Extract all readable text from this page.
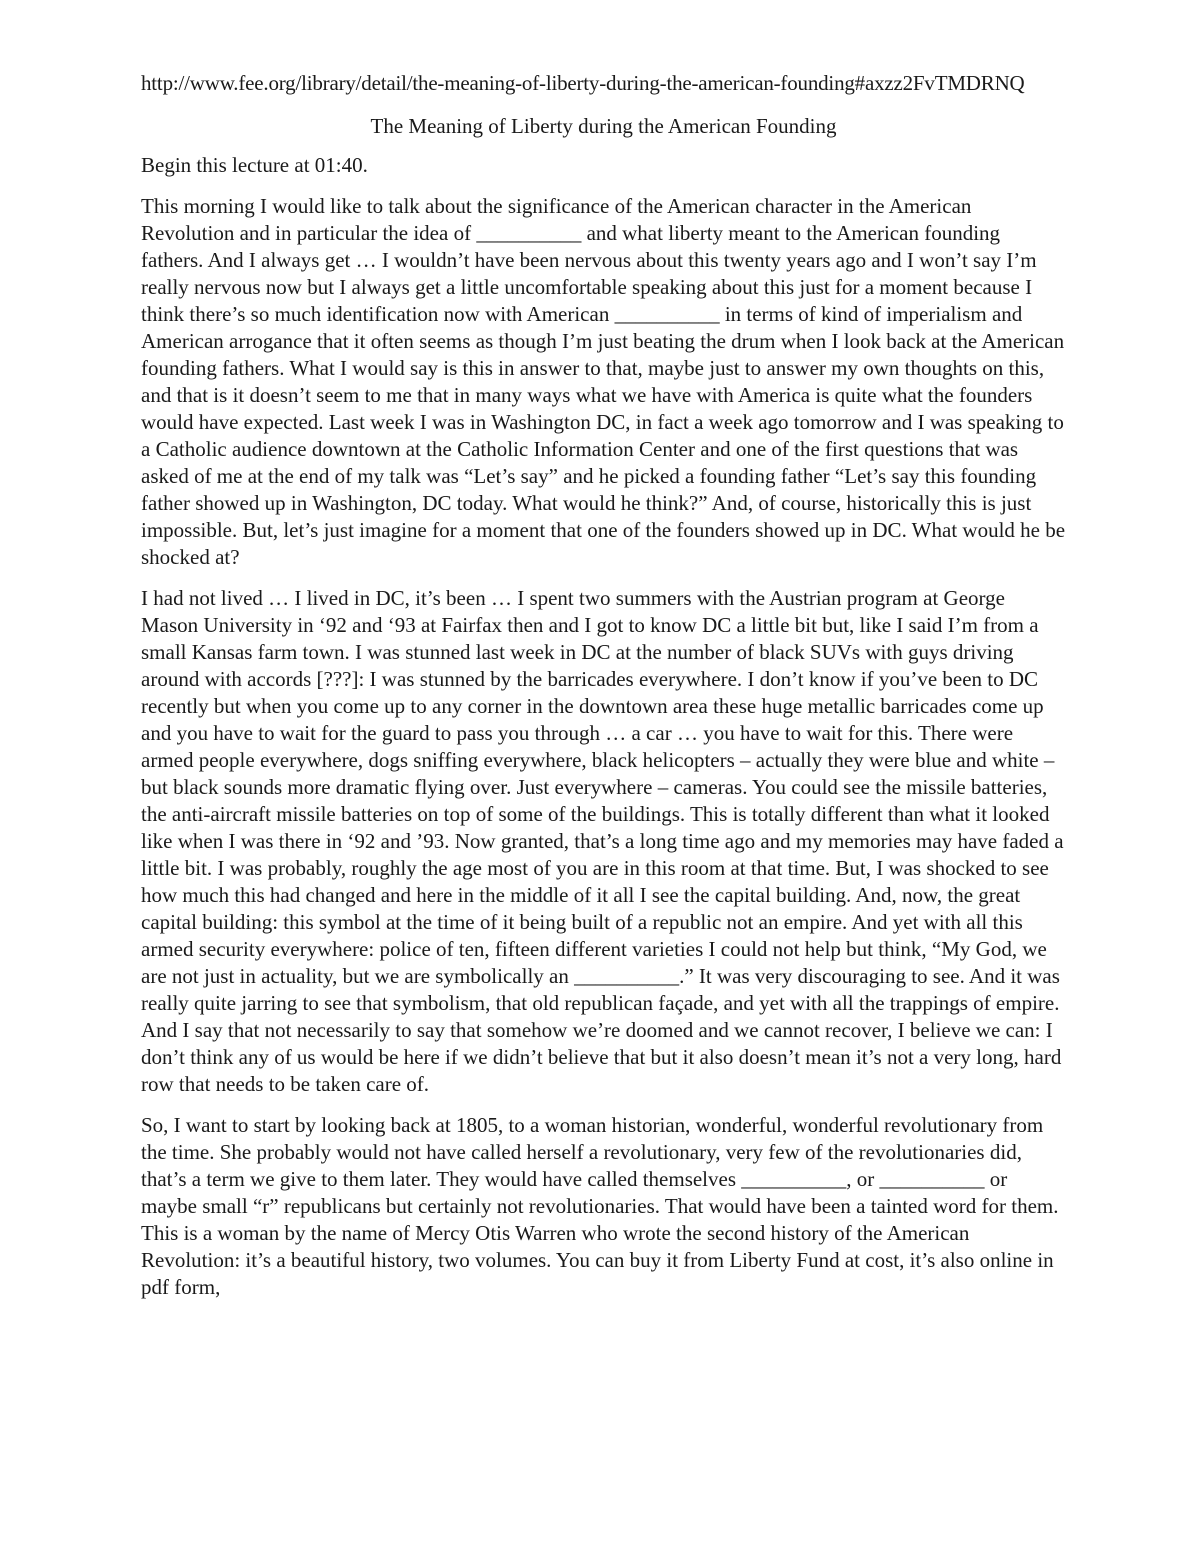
http://www.fee.org/library/detail/the-meaning-of-liberty-during-the-american-founding#axzz2FvTMDRNQ

The Meaning of Liberty during the American Founding

Begin this lecture at 01:40.

This morning I would like to talk about the significance of the American character in the American Revolution and in particular the idea of __________ and what liberty meant to the American founding fathers. And I always get … I wouldn’t have been nervous about this twenty years ago and I won’t say I’m really nervous now but I always get a little uncomfortable speaking about this just for a moment because I think there’s so much identification now with American __________ in terms of kind of imperialism and American arrogance that it often seems as though I’m just beating the drum when I look back at the American founding fathers. What I would say is this in answer to that, maybe just to answer my own thoughts on this, and that is it doesn’t seem to me that in many ways what we have with America is quite what the founders would have expected. Last week I was in Washington DC, in fact a week ago tomorrow and I was speaking to a Catholic audience downtown at the Catholic Information Center and one of the first questions that was asked of me at the end of my talk was “Let’s say” and he picked a founding father “Let’s say this founding father showed up in Washington, DC today. What would he think?” And, of course, historically this is just impossible. But, let’s just imagine for a moment that one of the founders showed up in DC. What would he be shocked at?

I had not lived … I lived in DC, it’s been … I spent two summers with the Austrian program at George Mason University in ‘92 and ‘93 at Fairfax then and I got to know DC a little bit but, like I said I’m from a small Kansas farm town. I was stunned last week in DC at the number of black SUVs with guys driving around with accords [???]: I was stunned by the barricades everywhere. I don’t know if you’ve been to DC recently but when you come up to any corner in the downtown area these huge metallic barricades come up and you have to wait for the guard to pass you through … a car … you have to wait for this. There were armed people everywhere, dogs sniffing everywhere, black helicopters – actually they were blue and white – but black sounds more dramatic flying over. Just everywhere – cameras. You could see the missile batteries, the anti-aircraft missile batteries on top of some of the buildings. This is totally different than what it looked like when I was there in ‘92 and ’93. Now granted, that’s a long time ago and my memories may have faded a little bit. I was probably, roughly the age most of you are in this room at that time. But, I was shocked to see how much this had changed and here in the middle of it all I see the capital building. And, now, the great capital building: this symbol at the time of it being built of a republic not an empire. And yet with all this armed security everywhere: police of ten, fifteen different varieties I could not help but think, “My God, we are not just in actuality, but we are symbolically an __________.” It was very discouraging to see. And it was really quite jarring to see that symbolism, that old republican façade, and yet with all the trappings of empire. And I say that not necessarily to say that somehow we’re doomed and we cannot recover, I believe we can: I don’t think any of us would be here if we didn’t believe that but it also doesn’t mean it’s not a very long, hard row that needs to be taken care of.

So, I want to start by looking back at 1805, to a woman historian, wonderful, wonderful revolutionary from the time. She probably would not have called herself a revolutionary, very few of the revolutionaries did, that’s a term we give to them later. They would have called themselves __________, or __________ or maybe small “r” republicans but certainly not revolutionaries. That would have been a tainted word for them. This is a woman by the name of Mercy Otis Warren who wrote the second history of the American Revolution: it’s a beautiful history, two volumes. You can buy it from Liberty Fund at cost, it’s also online in pdf form,
